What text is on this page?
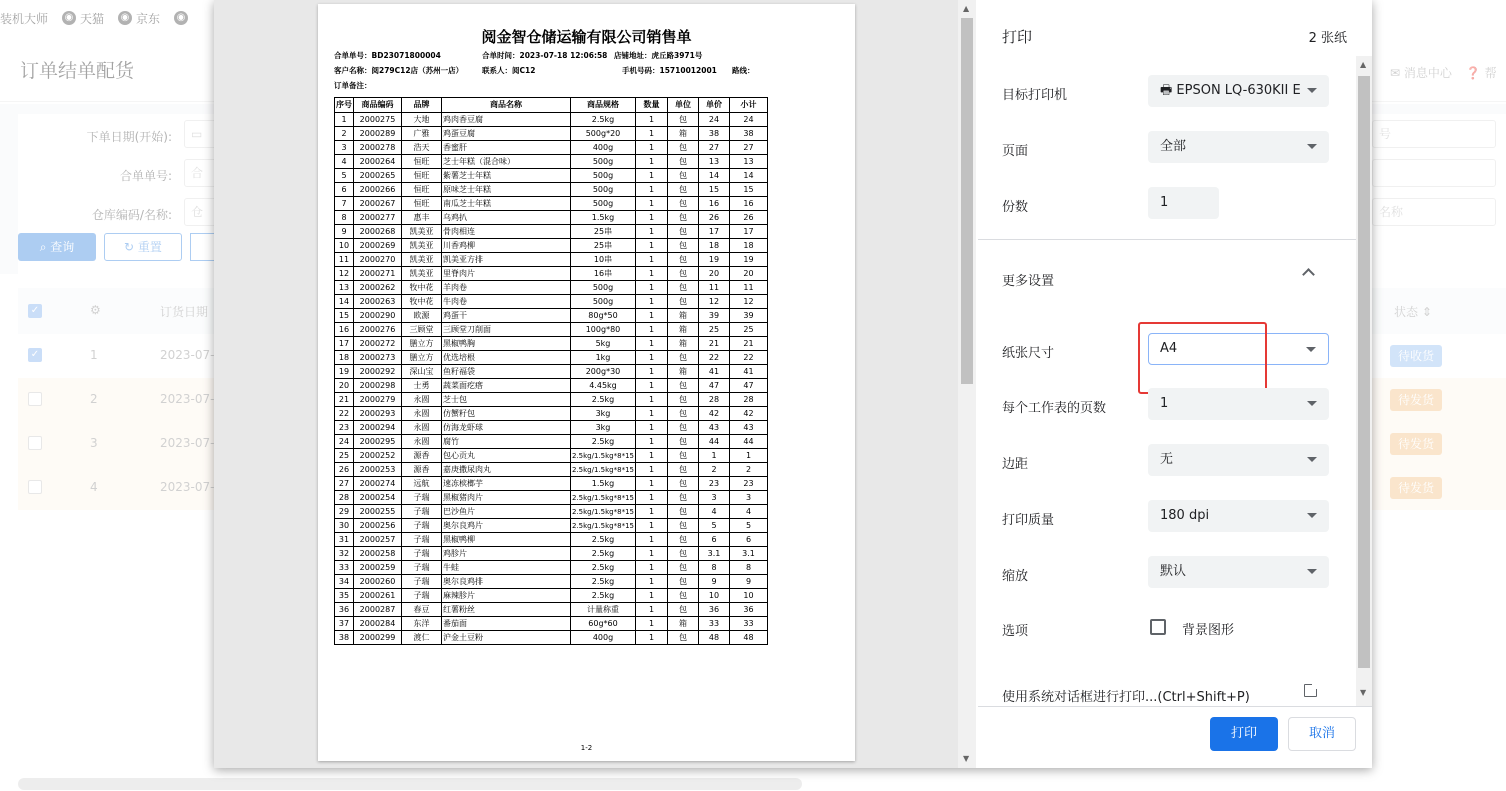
阅金智仓储运输有限公司销售单
合单单号：BD23071800004	合单时间：2023-07-18 12:06:58 店铺地址：虎丘路3971号
客户名称：阅279C12店（苏州一店）	联系人：阅C12	手机号码：15710012001 路线：
订单备注：
序号	商品编码	品牌	商品名称	商品规格	数量	单位	单价	小计
1	2000275	大地	鸡肉香豆腐	2.5kg	1	包	24	24
2	2000289	广雅	鸡蛋豆腐	500g*20	1	箱	38	38
3	2000278	浩天	香蜜肝	400g	1	包	27	27
4	2000264	恒旺	芝士年糕（混合味）	500g	1	包	13	13
5	2000265	恒旺	紫薯芝士年糕	500g	1	包	14	14
6	2000266	恒旺	原味芝士年糕	500g	1	包	15	15
7	2000267	恒旺	南瓜芝士年糕	500g	1	包	16	16
8	2000277	惠丰	乌鸡扒	1.5kg	1	包	26	26
9	2000268	凯美亚	骨肉相连	25串	1	包	17	17
10	2000269	凯美亚	川香鸡柳	25串	1	包	18	18
11	2000270	凯美亚	凯美亚方排	10串	1	包	19	19
12	2000271	凯美亚	里脊肉片	16串	1	包	20	20
13	2000262	牧中花	羊肉卷	500g	1	包	11	11
14	2000263	牧中花	牛肉卷	500g	1	包	12	12
15	2000290	欧源	鸡蛋干	80g*50	1	箱	39	39
16	2000276	三顾堂	三顾堂刀削面	100g*80	1	箱	25	25
17	2000272	膳立方	黑椒鸭胸	5kg	1	箱	21	21
18	2000273	膳立方	优选培根	1kg	1	包	22	22
19	2000292	深山宝	鱼籽福袋	200g*30	1	箱	41	41
20	2000298	士勇	蔬菜面疙瘩	4.45kg	1	包	47	47
21	2000279	永圆	芝士包	2.5kg	1	包	28	28
22	2000293	永圆	仿蟹籽包	3kg	1	包	42	42
23	2000294	永圆	仿海龙虾球	3kg	1	包	43	43
24	2000295	永圆	腐竹	2.5kg	1	包	44	44
25	2000252	源香	包心贡丸	2.5kg/1.5kg*8*15	1	包	1	1
26	2000253	源香	嘉庚撒尿肉丸	2.5kg/1.5kg*8*15	1	包	2	2
27	2000274	远航	速冻槟榔芋	1.5kg	1	包	23	23
28	2000254	子瑞	黑椒猪肉片	2.5kg/1.5kg*8*15	1	包	3	3
29	2000255	子瑞	巴沙鱼片	2.5kg/1.5kg*8*15	1	包	4	4
30	2000256	子瑞	奥尔良鸡片	2.5kg/1.5kg*8*15	1	包	5	5
31	2000257	子瑞	黑椒鸭柳	2.5kg	1	包	6	6
32	2000258	子瑞	鸡胗片	2.5kg	1	包	3.1	3.1
33	2000259	子瑞	牛蛙	2.5kg	1	包	8	8
34	2000260	子瑞	奥尔良鸡排	2.5kg	1	包	9	9
35	2000261	子瑞	麻辣胗片	2.5kg	1	包	10	10
36	2000287	春豆	红薯粉丝	计量称重	1	包	36	36
37	2000284	东洋	番茄面	60g*60	1	箱	33	33
38	2000299	渡仁	沪金土豆粉	400g	1	包	48	48
1-2
▲
▼
打印	2 张纸
目标打印机	🖶 EPSON LQ-630KII E
页面	全部
份数	1
更多设置
纸张尺寸	A4
每个工作表的页数	1
边距	无
打印质量	180 dpi
缩放	默认
选项	背景图形
使用系统对话框进行打印...(Ctrl+Shift+P)
▲
▼
打印	取消
